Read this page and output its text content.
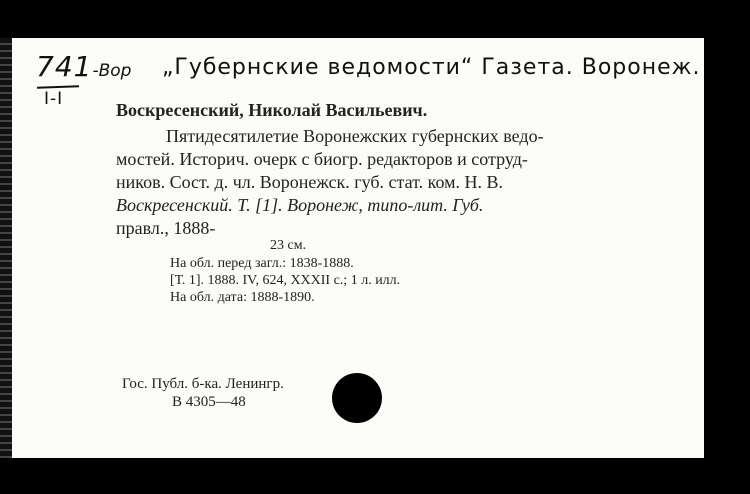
741-Вор
I-I
„Губернские ведомости“ Газета. Воронеж.
Воскресенский, Николай Васильевич.
Пятидесятилетие Воронежских губернских ведо-
мостей. Историч. очерк с биогр. редакторов и сотруд-
ников. Сост. д. чл. Воронежск. губ. стат. ком. Н. В.
Воскресенский. Т. [1]. Воронеж, типо-лит. Губ.
правл., 1888-
23 см.
На обл. перед загл.: 1838-1888.
[Т. 1]. 1888. IV, 624, XXXII с.; 1 л. илл.
На обл. дата: 1888-1890.
Гос. Публ. б-ка. Ленингр.
В 4305—48
